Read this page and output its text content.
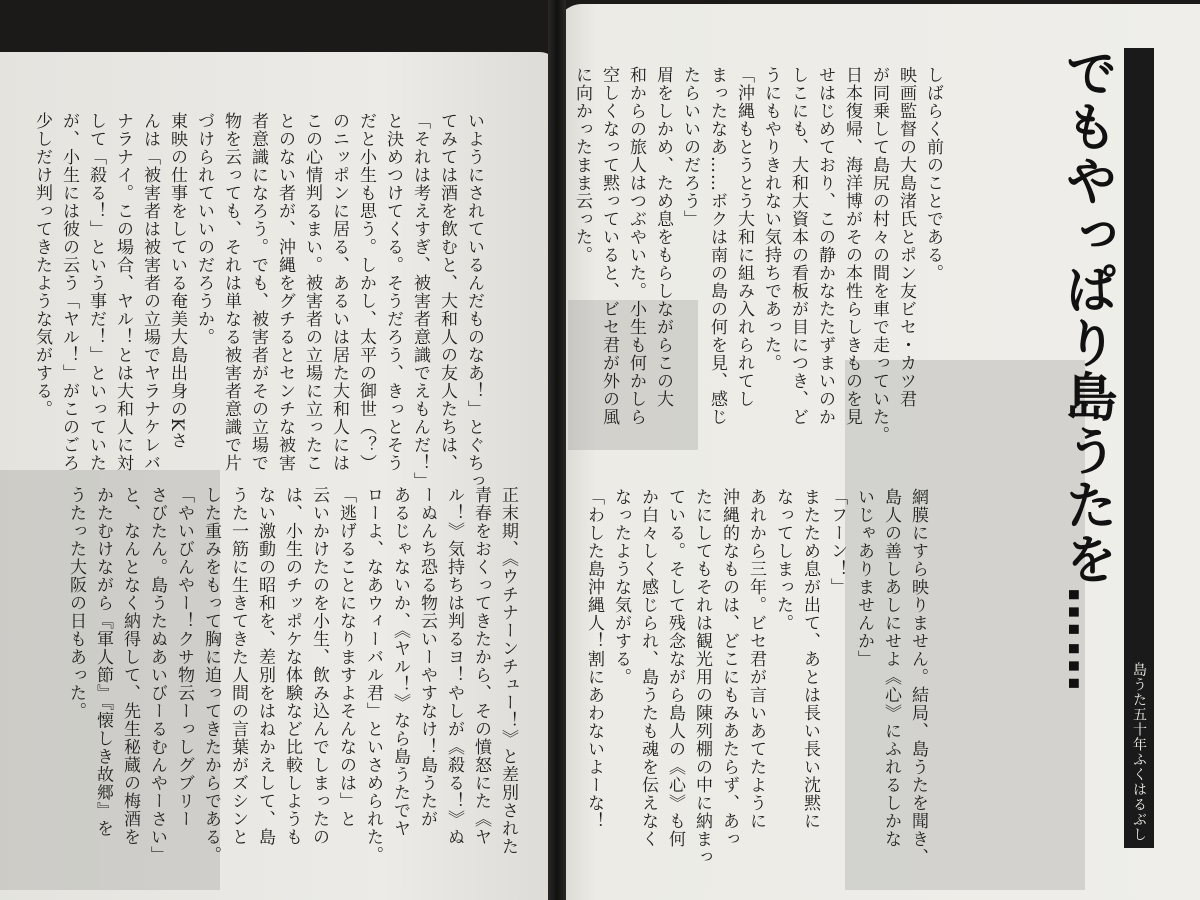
でもやっぱり島うたを……
島うた五十年ふくはるぶし

しばらく前のことである。

映画監督の大島渚氏とポン友ビセ・カツ君

が同乗して島尻の村々の間を車で走っていた。

日本復帰、海洋博がその本性らしきものを見

せはじめており、この静かなたたずまいのか

しこにも、大和大資本の看板が目につき、ど

うにもやりきれない気持ちであった。

「沖縄もとうとう大和に組み入れられてし

まったなあ……ボクは南の島の何を見、感じ

たらいいのだろう」

眉をしかめ、ため息をもらしながらこの大

和からの旅人はつぶやいた。小生も何かしら

空しくなって黙っていると、ビセ君が外の風

に向かったまま云った。

網膜にすら映りません。結局、島うたを聞き、

島人の善しあしにせよ《心》にふれるしかな

いじゃありませんか」

「フーン！」

またため息が出て、あとは長い長い沈黙に

なってしまった。

あれから三年。ビセ君が言いあてたように

沖縄的なものは、どこにもみあたらず、あっ

たにしてもそれは観光用の陳列棚の中に納まっ

ている。そして残念ながら島人の《心》も何

か白々しく感じられ、島うたも魂を伝えなく

なったような気がする。

「わした島沖縄人！割にあわないよーな！

いようにされているんだものなあ！」とぐちっ

てみては酒を飲むと、大和人の友人たちは、

「それは考えすぎ、被害者意識でえもんだ！」

と決めつけてくる。そうだろう、きっとそう

だと小生も思う。しかし、太平の御世（？）

のニッポンに居る、あるいは居た大和人には

この心情判るまい。被害者の立場に立ったこ

とのない者が、沖縄をグチるとセンチな被害

者意識になろう。でも、被害者がその立場で

物を云っても、それは単なる被害者意識で片

づけられていいのだろうか。

東映の仕事をしている奄美大島出身のKさ

んは「被害者は被害者の立場でヤラナケレバ

ナラナイ。この場合、ヤル！とは大和人に対

して「殺る！」という事だ！」といっていた

が、小生には彼の云う「ヤル！」がこのごろ

少しだけ判ってきたような気がする。

正末期、《ウチナーンチュー！》と差別された

青春をおくってきたから、その憤怒にた《ヤ

ル！》気持ちは判るヨ！やしが《殺る！》ぬ

ーぬんち恐る物云いーやすなけ！島うたが

あるじゃないか、《ヤル！》なら島うたでヤ

ローよ、なあウィーバル君」といさめられた。

「逃げることになりますよそんなのは」と

云いかけたのを小生、飲み込んでしまったの

は、小生のチッポケな体験など比較しようも

ない激動の昭和を、差別をはねかえして、島

うた一筋に生きてきた人間の言葉がズシンと

した重みをもって胸に迫ってきたからである。

「やいびんやー！クサ物云ーっしグブリー

さびたん。島うたぬあいびーるむんやーさい」

と、なんとなく納得して、先生秘蔵の梅酒を

かたむけながら『軍人節』『懐しき故郷』を

うたった大阪の日もあった。
